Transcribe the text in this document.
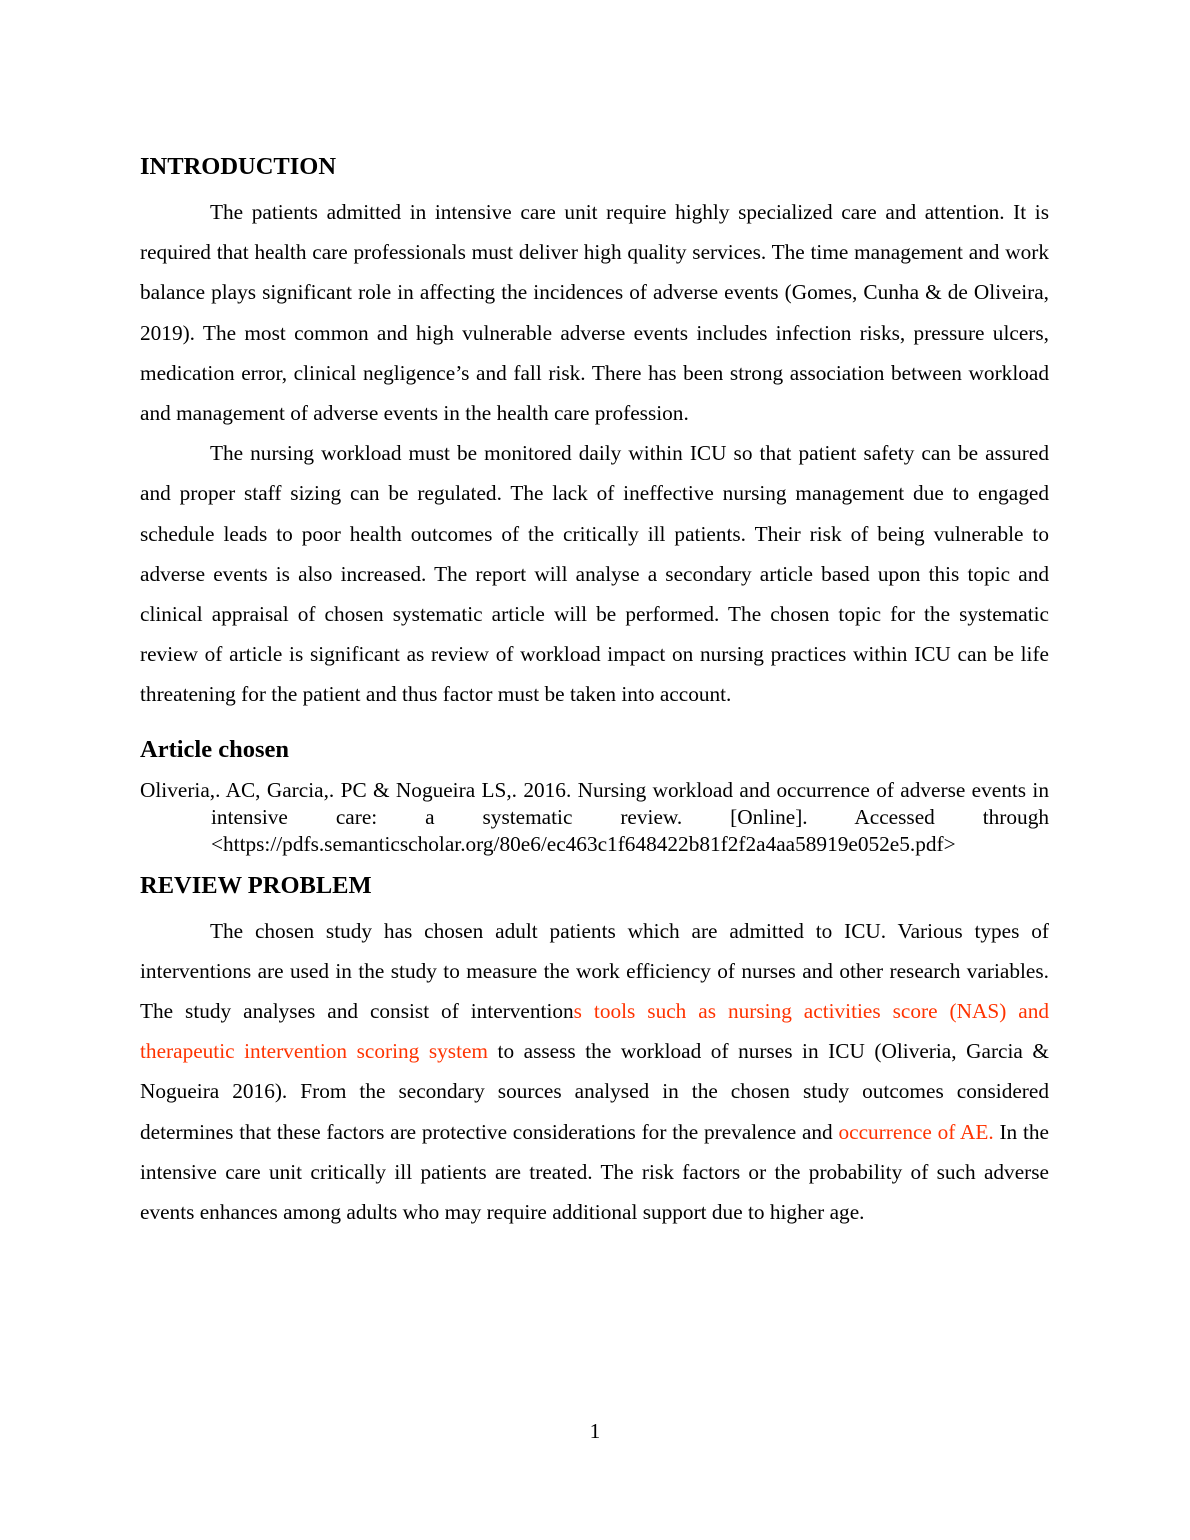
INTRODUCTION

The patients admitted in intensive care unit require highly specialized care and attention. It is required that health care professionals must deliver high quality services. The time management and work balance plays significant role in affecting the incidences of adverse events (Gomes, Cunha & de Oliveira, 2019). The most common and high vulnerable adverse events includes infection risks, pressure ulcers, medication error, clinical negligence’s and fall risk. There has been strong association between workload and management of adverse events in the health care profession.

The nursing workload must be monitored daily within ICU so that patient safety can be assured and proper staff sizing can be regulated. The lack of ineffective nursing management due to engaged schedule leads to poor health outcomes of the critically ill patients. Their risk of being vulnerable to adverse events is also increased. The report will analyse a secondary article based upon this topic and clinical appraisal of chosen systematic article will be performed. The chosen topic for the systematic review of article is significant as review of workload impact on nursing practices within ICU can be life threatening for the patient and thus factor must be taken into account.

Article chosen

Oliveria,. AC, Garcia,. PC & Nogueira LS,. 2016. Nursing workload and occurrence of adverse events in intensive care: a systematic review. [Online]. Accessed through <https://pdfs.semanticscholar.org/80e6/ec463c1f648422b81f2f2a4aa58919e052e5.pdf>

REVIEW PROBLEM

The chosen study has chosen adult patients which are admitted to ICU. Various types of interventions are used in the study to measure the work efficiency of nurses and other research variables. The study analyses and consist of interventions tools such as nursing activities score (NAS) and therapeutic intervention scoring system to assess the workload of nurses in ICU (Oliveria, Garcia & Nogueira 2016). From the secondary sources analysed in the chosen study outcomes considered determines that these factors are protective considerations for the prevalence and occurrence of AE. In the intensive care unit critically ill patients are treated. The risk factors or the probability of such adverse events enhances among adults who may require additional support due to higher age.

1
